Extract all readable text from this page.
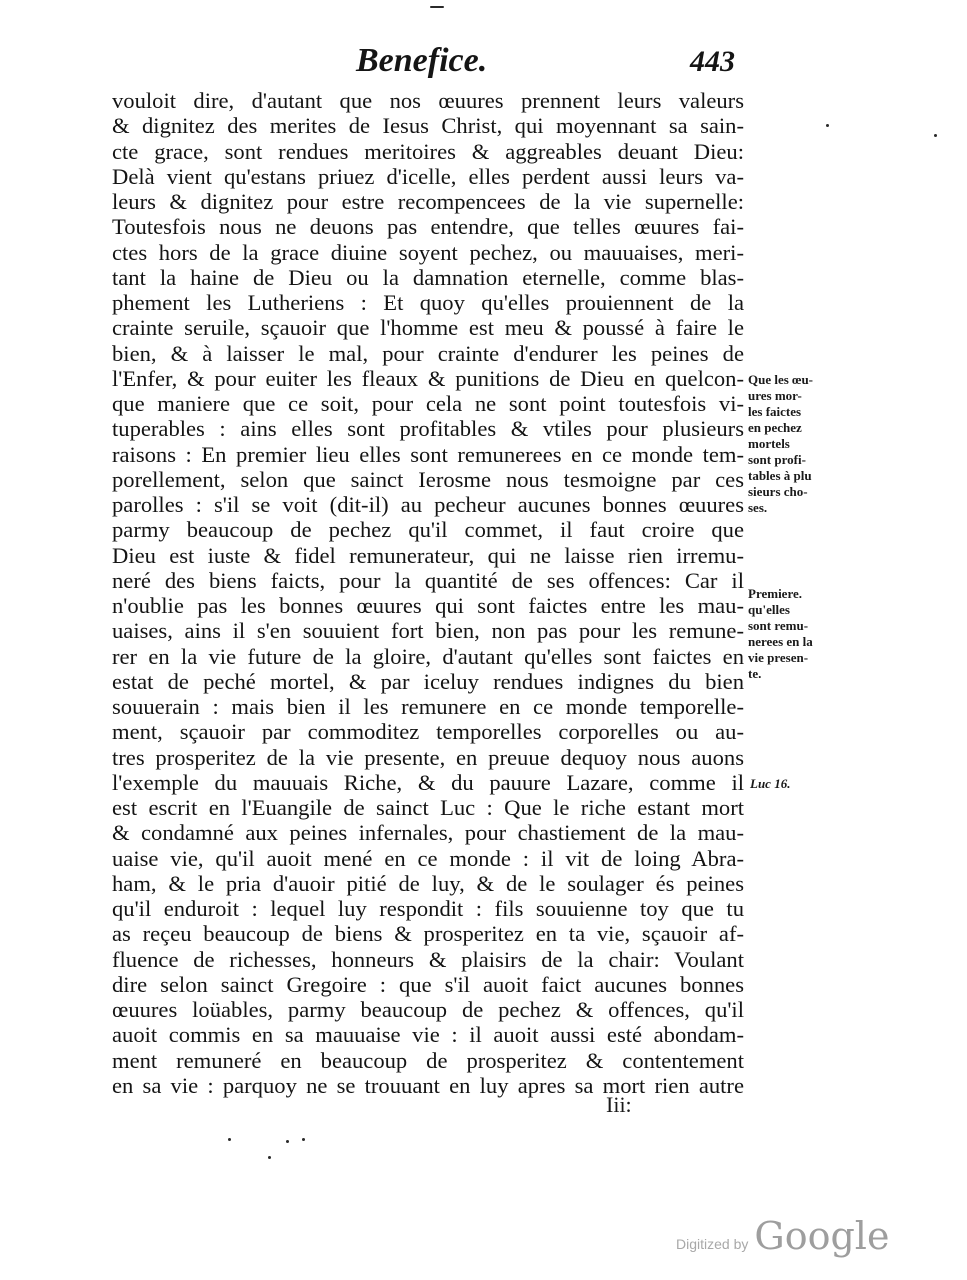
Benefice.	443
vouloit dire, d'autant que nos œuures prennent leurs valeurs
& dignitez des merites de Iesus Christ, qui moyennant sa sain-
cte grace, sont rendues meritoires & aggreables deuant Dieu:
Delà vient qu'estans priuez d'icelle, elles perdent aussi leurs va-
leurs & dignitez pour estre recompencees de la vie supernelle:
Toutesfois nous ne deuons pas entendre, que telles œuures fai-
ctes hors de la grace diuine soyent pechez, ou mauuaises, meri-
tant la haine de Dieu ou la damnation eternelle, comme blas-
phement les Lutheriens : Et quoy qu'elles prouiennent de la
crainte seruile, sçauoir que l'homme est meu & poussé à faire le
bien, & à laisser le mal, pour crainte d'endurer les peines de
l'Enfer, & pour euiter les fleaux & punitions de Dieu en quelcon-
que maniere que ce soit, pour cela ne sont point toutesfois vi-
tuperables : ains elles sont profitables & vtiles pour plusieurs
raisons : En premier lieu elles sont remunerees en ce monde tem-
porellement, selon que sainct Ierosme nous tesmoigne par ces
parolles : s'il se voit (dit-il) au pecheur aucunes bonnes œuures
parmy beaucoup de pechez qu'il commet, il faut croire que
Dieu est iuste & fidel remunerateur, qui ne laisse rien irremu-
neré des biens faicts, pour la quantité de ses offences: Car il
n'oublie pas les bonnes œuures qui sont faictes entre les mau-
uaises, ains il s'en souuient fort bien, non pas pour les remune-
rer en la vie future de la gloire, d'autant qu'elles sont faictes en
estat de peché mortel, & par iceluy rendues indignes du bien
souuerain : mais bien il les remunere en ce monde temporelle-
ment, sçauoir par commoditez temporelles corporelles ou au-
tres prosperitez de la vie presente, en preuue dequoy nous auons
l'exemple du mauuais Riche, & du pauure Lazare, comme il
est escrit en l'Euangile de sainct Luc : Que le riche estant mort
& condamné aux peines infernales, pour chastiement de la mau-
uaise vie, qu'il auoit mené en ce monde : il vit de loing Abra-
ham, & le pria d'auoir pitié de luy, & de le soulager és peines
qu'il enduroit : lequel luy respondit : fils souuienne toy que tu
as reçeu beaucoup de biens & prosperitez en ta vie, sçauoir af-
fluence de richesses, honneurs & plaisirs de la chair: Voulant
dire selon sainct Gregoire : que s'il auoit faict aucunes bonnes
œuures loüables, parmy beaucoup de pechez & offences, qu'il
auoit commis en sa mauuaise vie : il auoit aussi esté abondam-
ment remuneré en beaucoup de prosperitez & contentement
en sa vie : parquoy ne se trouuant en luy apres sa mort rien autre
Que les œu-
ures mor-
les faictes
en pechez
mortels
sont profi-
tables à plu
sieurs cho-
ses.
Premiere.
qu'elles
sont remu-
nerees en la
vie presen-
te.
Luc 16.
Iii:
Digitized by Google
